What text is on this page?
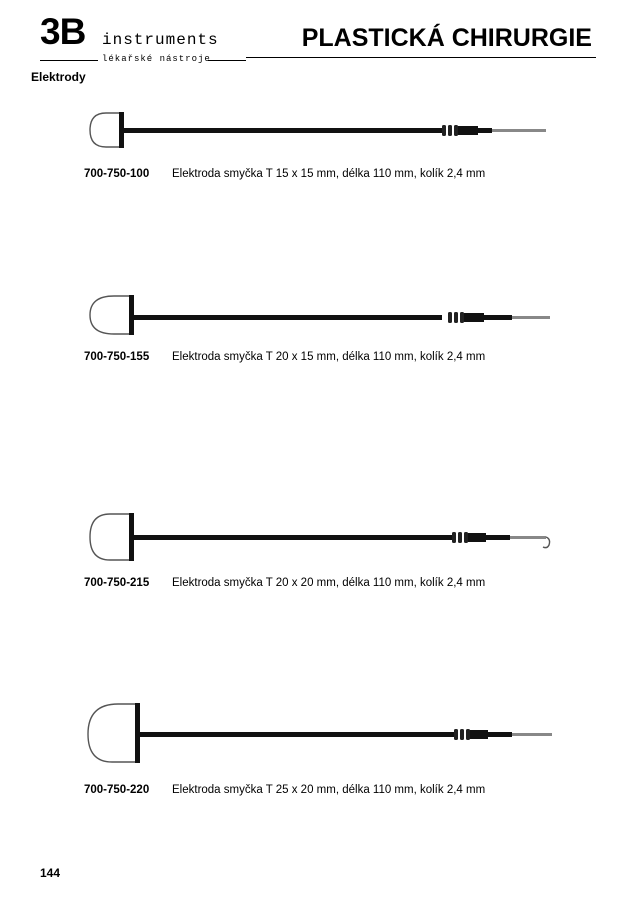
3B instruments
lékařské nástroje
PLASTICKÁ CHIRURGIE
Elektrody
700-750-100 Elektroda smyčka T 15 x 15 mm, délka 110 mm, kolík 2,4 mm
700-750-155 Elektroda smyčka T 20 x 15 mm, délka 110 mm, kolík 2,4 mm
700-750-215 Elektroda smyčka T 20 x 20 mm, délka 110 mm, kolík 2,4 mm
700-750-220 Elektroda smyčka T 25 x 20 mm, délka 110 mm, kolík 2,4 mm
144
